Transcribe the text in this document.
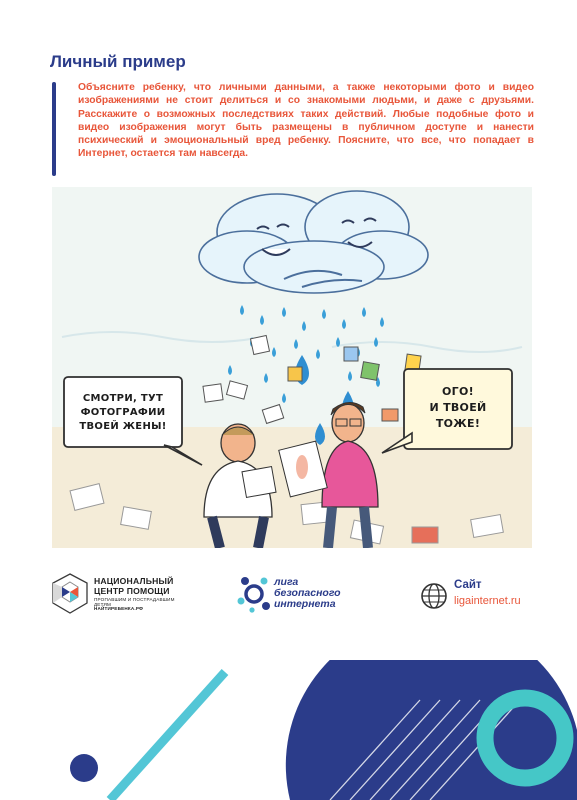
Личный пример

Объясните ребенку, что личными данными, а также некоторыми фото и видео изображениями не стоит делиться и со знакомыми людьми, и даже с друзьями. Расскажите о возможных последствиях таких действий. Любые подобные фото и видео изображения могут быть размещены в публичном доступе и нанести психический и эмоциональный вред ребенку. Поясните, что все, что попадает в Интернет, остается там навсегда.

СМОТРИ, ТУТ
ФОТОГРАФИИ
ТВОЕЙ ЖЕНЫ!
ОГО!
И ТВОЕЙ
ТОЖЕ!
НАЦИОНАЛЬНЫЙ
ЦЕНТР ПОМОЩИ
ПРОПАВШИМ И ПОСТРАДАВШИМ ДЕТЯМ
НАЙТИРЕБЕНКА.РФ
лига
безопасного
интернета
Сайт
ligainternet.ru
